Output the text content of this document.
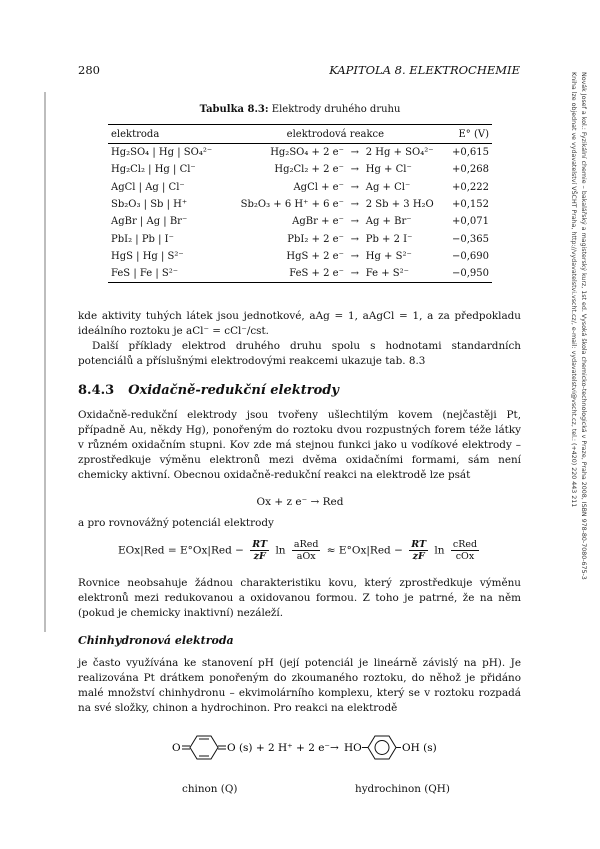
280	KAPITOLA 8. ELEKTROCHEMIE
Novák Josef a kol.: Fyzikální chemie – bakalářský a magisterský kurz, 1st ed. Vysoká škola chemicko-technologická v Praze, Praha 2008, ISBN 978-80-7080-675-3
Kniha lze objednat ve vydavatelství VŠCHT Praha, http://vydavatelstvi.vscht.cz/, e-mail: vydavatelstvi@vscht.cz, tel.: (+420) 220 443 211
Tabulka 8.3: Elektrody druhého druhu
elektroda	elektrodová reakce			E° (V)
Hg₂SO₄ | Hg | SO₄²⁻	Hg₂SO₄ + 2 e⁻	→	2 Hg + SO₄²⁻	+0,615
Hg₂Cl₂ | Hg | Cl⁻	Hg₂Cl₂ + 2 e⁻	→	Hg + Cl⁻	+0,268
AgCl | Ag | Cl⁻	AgCl + e⁻	→	Ag + Cl⁻	+0,222
Sb₂O₃ | Sb | H⁺	Sb₂O₃ + 6 H⁺ + 6 e⁻	→	2 Sb + 3 H₂O	+0,152
AgBr | Ag | Br⁻	AgBr + e⁻	→	Ag + Br⁻	+0,071
PbI₂ | Pb | I⁻	PbI₂ + 2 e⁻	→	Pb + 2 I⁻	−0,365
HgS | Hg | S²⁻	HgS + 2 e⁻	→	Hg + S²⁻	−0,690
FeS | Fe | S²⁻	FeS + 2 e⁻	→	Fe + S²⁻	−0,950
kde aktivity tuhých látek jsou jednotkové, aAg = 1, aAgCl = 1, a za předpokladu ideálního roztoku je aCl⁻ = cCl⁻/cst.
Další příklady elektrod druhého druhu spolu s hodnotami standardních potenciálů a příslušnými elektrodovými reakcemi ukazuje tab. 8.3
8.4.3 Oxidačně-redukční elektrody
Oxidačně-redukční elektrody jsou tvořeny ušlechtilým kovem (nejčastěji Pt, případně Au, někdy Hg), ponořeným do roztoku dvou rozpustných forem téže látky v různém oxidačním stupni. Kov zde má stejnou funkci jako u vodíkové elektrody – zprostředkuje výměnu elektronů mezi dvěma oxidačními formami, sám není chemicky aktivní. Obecnou oxidačně-redukční reakci na elektrodě lze psát
Ox + z e⁻ → Red
a pro rovnovážný potenciál elektrody
$EOx|Red = E^\circ Ox|Red - \frac{RT}{zF}$ $\ln \frac{\text{aRed}}{\text{aOx}} \approx E^\circ Ox|Red - \frac{RT}{zF}$ $\ln \frac{\text{cRed}}{\text{cOx}}$
Rovnice neobsahuje žádnou charakteristiku kovu, který zprostředkuje výměnu elektronů mezi redukovanou a oxidovanou formou. Z toho je patrné, že na něm (pokud je chemicky inaktivní) nezáleží.
Chinhydronová elektroda
je často využívána ke stanovení pH (její potenciál je lineárně závislý na pH). Je realizována Pt drátkem ponořeným do zkoumaného roztoku, do něhož je přidáno malé množství chinhydronu – ekvimolárního komplexu, který se v roztoku rozpadá na své složky, chinon a hydrochinon. Pro reakci na elektrodě
O	O (s) + 2 H⁺ + 2 e⁻ → HO	OH (s)
chinon (Q)	hydrochinon (QH)
